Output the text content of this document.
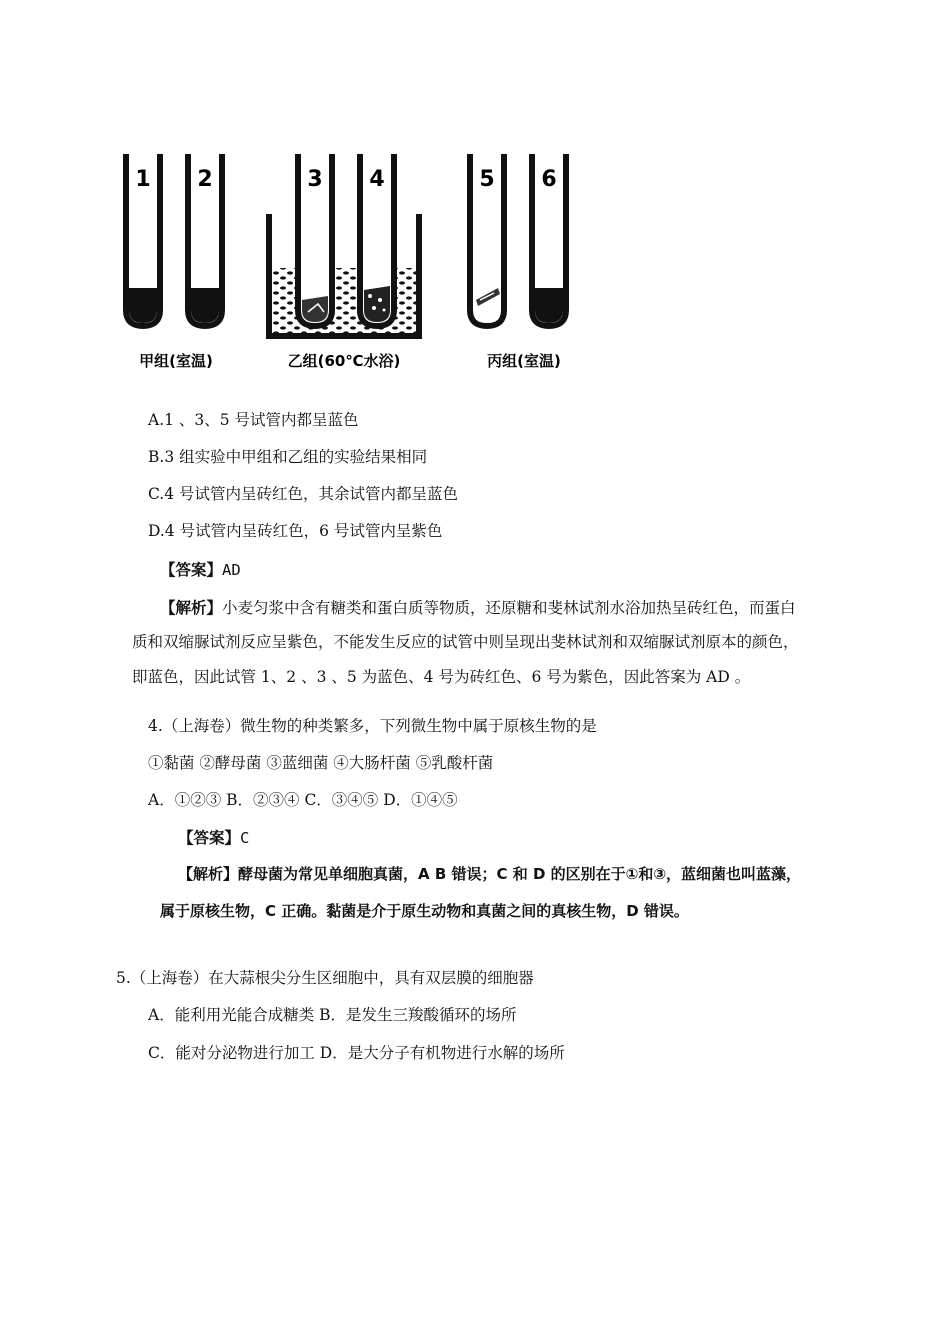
1 2	3 4	5 6
甲组(室温)	乙组(60℃水浴)	丙组(室温)
A.1 、3、5 号试管内都呈蓝色
B.3 组实验中甲组和乙组的实验结果相同
C.4 号试管内呈砖红色，其余试管内都呈蓝色
D.4 号试管内呈砖红色，6 号试管内呈紫色
【答案】AD
【解析】小麦匀浆中含有糖类和蛋白质等物质，还原糖和斐林试剂水浴加热呈砖红色，而蛋白
质和双缩脲试剂反应呈紫色，不能发生反应的试管中则呈现出斐林试剂和双缩脲试剂原本的颜色，
即蓝色，因此试管 1、2 、3 、5 为蓝色、4 号为砖红色、6 号为紫色，因此答案为 AD 。
4.（上海卷）微生物的种类繁多，下列微生物中属于原核生物的是
①黏菌 ②酵母菌 ③蓝细菌 ④大肠杆菌 ⑤乳酸杆菌
A．①②③ B．②③④ C．③④⑤ D．①④⑤
【答案】C
【解析】酵母菌为常见单细胞真菌，A B 错误；C 和 D 的区别在于①和③，蓝细菌也叫蓝藻，
属于原核生物，C 正确。黏菌是介于原生动物和真菌之间的真核生物，D 错误。
5.（上海卷）在大蒜根尖分生区细胞中，具有双层膜的细胞器
A．能利用光能合成糖类 B．是发生三羧酸循环的场所
C．能对分泌物进行加工 D．是大分子有机物进行水解的场所
